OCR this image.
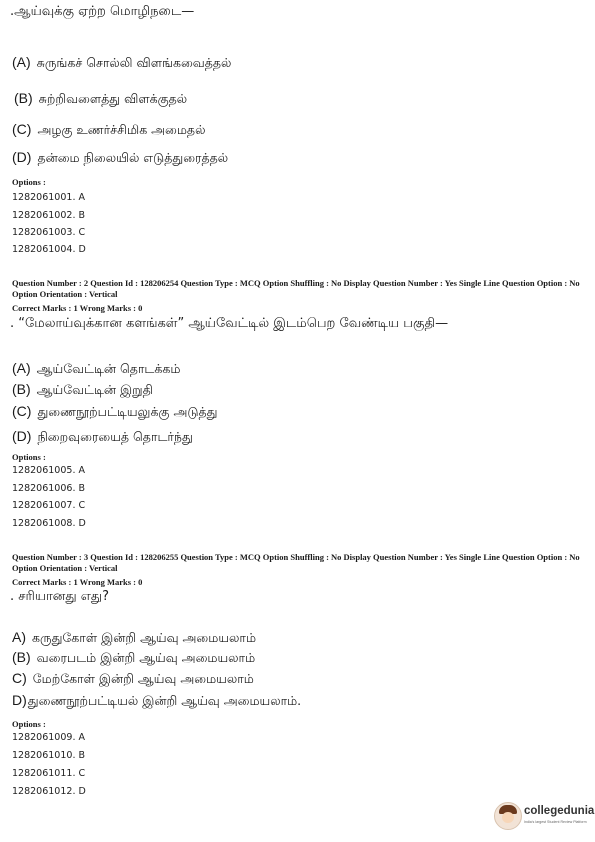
.ஆய்வுக்கு ஏற்ற மொழிநடை—
(A) சுருங்கச் சொல்லி விளங்கவைத்தல்
(B) சுற்றிவளைத்து விளக்குதல்
(C) அழகு உணர்ச்சிமிக அமைதல்
(D) தன்மை நிலையில் எடுத்துரைத்தல்
Options :
1282061001. A
1282061002. B
1282061003. C
1282061004. D
Question Number : 2 Question Id : 128206254 Question Type : MCQ Option Shuffling : No Display Question Number : Yes Single Line Question Option : No Option Orientation : Vertical
Correct Marks : 1 Wrong Marks : 0
. “மேலாய்வுக்கான களங்கள்” ஆய்வேட்டில் இடம்பெற வேண்டிய பகுதி—
(A) ஆய்வேட்டின் தொடக்கம்
(B) ஆய்வேட்டின் இறுதி
(C) துணைநூற்பட்டியலுக்கு அடுத்து
(D) நிறைவுரையைத் தொடர்ந்து
Options :
1282061005. A
1282061006. B
1282061007. C
1282061008. D
Question Number : 3 Question Id : 128206255 Question Type : MCQ Option Shuffling : No Display Question Number : Yes Single Line Question Option : No Option Orientation : Vertical
Correct Marks : 1 Wrong Marks : 0
. சரியானது எது?
A) கருதுகோள் இன்றி ஆய்வு அமையலாம்
(B) வரைபடம் இன்றி ஆய்வு அமையலாம்
C) மேற்கோள் இன்றி ஆய்வு அமையலாம்
D)துணைநூற்பட்டியல் இன்றி ஆய்வு அமையலாம்.
Options :
1282061009. A
1282061010. B
1282061011. C
1282061012. D
collegedunia
India's largest Student Review Platform
